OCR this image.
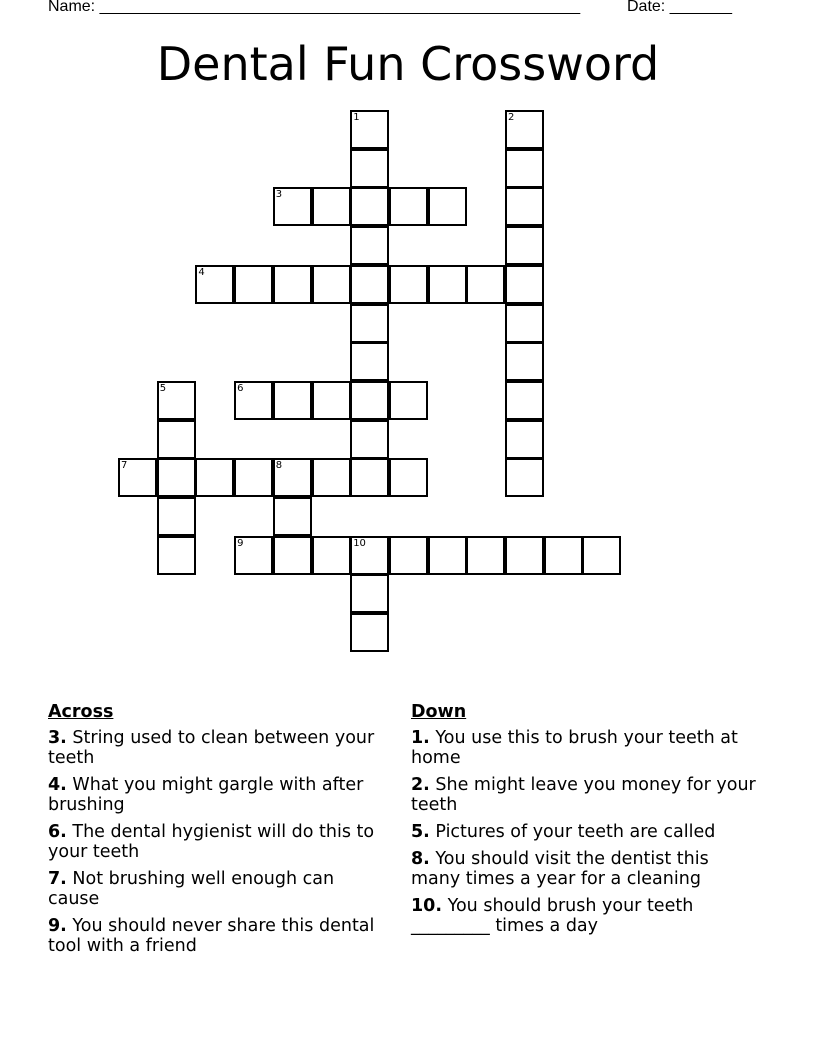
Name: ______________________________________________________	Date: _______
Dental Fun Crossword
1	2
3
4
5	6
7	8
9	10
Across
3. String used to clean between your teeth
4. What you might gargle with after brushing
6. The dental hygienist will do this to your teeth
7. Not brushing well enough can cause
9. You should never share this dental tool with a friend
Down
1. You use this to brush your teeth at home
2. She might leave you money for your teeth
5. Pictures of your teeth are called
8. You should visit the dentist this many times a year for a cleaning
10. You should brush your teeth _________ times a day
